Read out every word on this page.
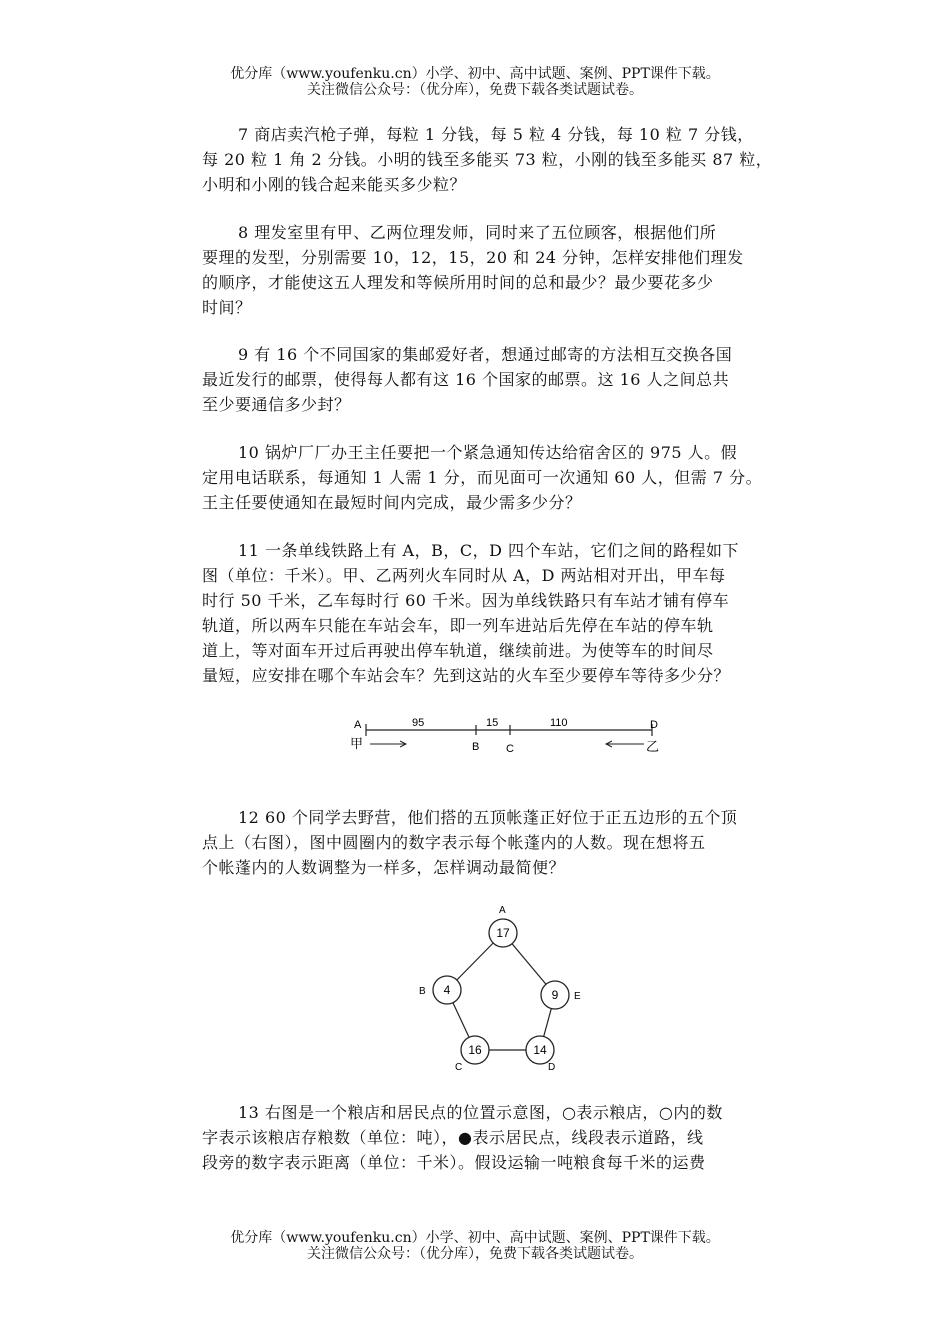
优分库（www.youfenku.cn）小学、初中、高中试题、案例、PPT课件下载。
关注微信公众号：（优分库），免费下载各类试题试卷。

7 商店卖汽枪子弹，每粒 1 分钱，每 5 粒 4 分钱，每 10 粒 7 分钱，

每 20 粒 1 角 2 分钱。小明的钱至多能买 73 粒，小刚的钱至多能买 87 粒，

小明和小刚的钱合起来能买多少粒？

8 理发室里有甲、乙两位理发师，同时来了五位顾客，根据他们所

要理的发型，分别需要 10，12，15，20 和 24 分钟，怎样安排他们理发

的顺序，才能使这五人理发和等候所用时间的总和最少？最少要花多少

时间？

9 有 16 个不同国家的集邮爱好者，想通过邮寄的方法相互交换各国

最近发行的邮票，使得每人都有这 16 个国家的邮票。这 16 人之间总共

至少要通信多少封？

10 锅炉厂厂办王主任要把一个紧急通知传达给宿舍区的 975 人。假

定用电话联系，每通知 1 人需 1 分，而见面可一次通知 60 人，但需 7 分。

王主任要使通知在最短时间内完成，最少需多少分？

11 一条单线铁路上有 A，B，C，D 四个车站，它们之间的路程如下

图（单位：千米）。甲、乙两列火车同时从 A，D 两站相对开出，甲车每

时行 50 千米，乙车每时行 60 千米。因为单线铁路只有车站才铺有停车

轨道，所以两车只能在车站会车，即一列车进站后先停在车站的停车轨

道上，等对面车开过后再驶出停车轨道，继续前进。为使等车的时间尽

量短，应安排在哪个车站会车？先到这站的火车至少要停车等待多少分？

A
B C
D
95	15	110
甲	乙

12 60 个同学去野营，他们搭的五顶帐蓬正好位于正五边形的五个顶

点上（右图），图中圆圈内的数字表示每个帐蓬内的人数。现在想将五

个帐蓬内的人数调整为一样多，怎样调动最简便？

17
4
16	14
9
A
B
C	D
E

13 右图是一个粮店和居民点的位置示意图，○表示粮店，○内的数

字表示该粮店存粮数（单位：吨），●表示居民点，线段表示道路，线

段旁的数字表示距离（单位：千米）。假设运输一吨粮食每千米的运费

优分库（www.youfenku.cn）小学、初中、高中试题、案例、PPT课件下载。
关注微信公众号：（优分库），免费下载各类试题试卷。
